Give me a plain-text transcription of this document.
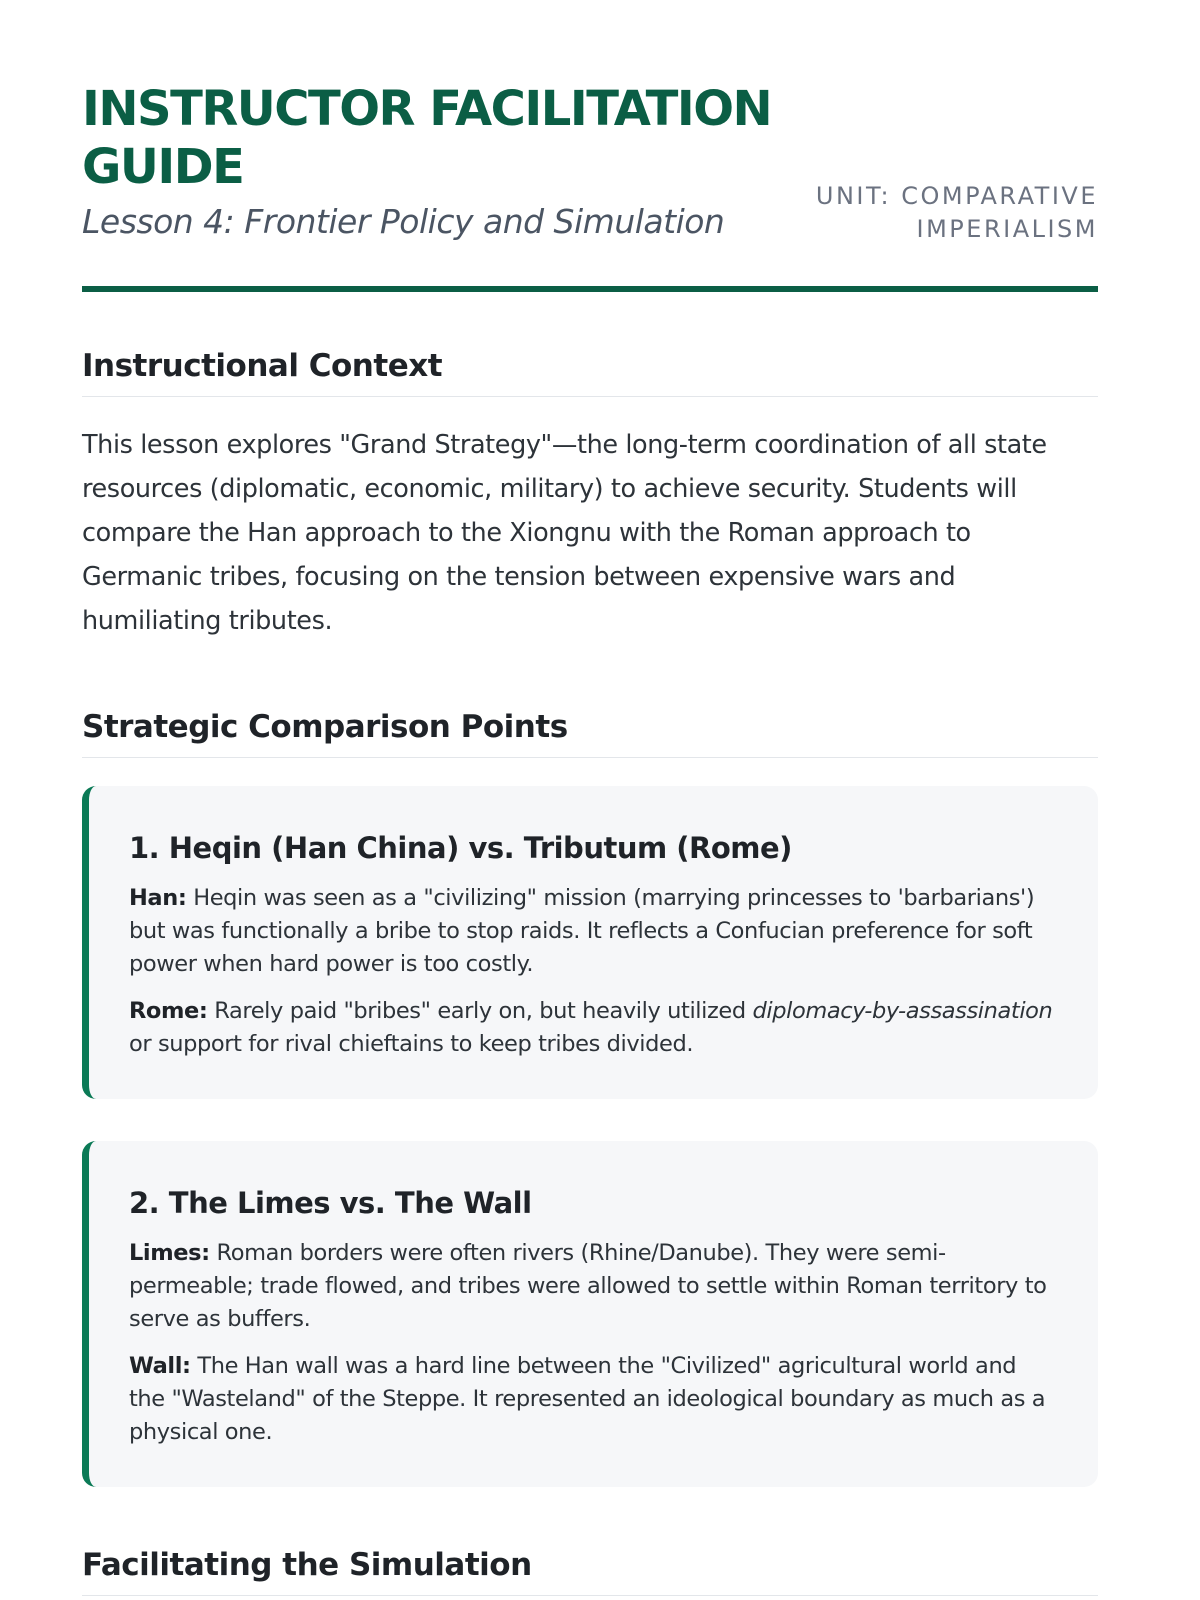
INSTRUCTOR FACILITATION GUIDE

Lesson 4: Frontier Policy and Simulation

UNIT: COMPARATIVE IMPERIALISM
Instructional Context

This lesson explores "Grand Strategy"—the long-term coordination of all state resources (diplomatic, economic, military) to achieve security. Students will compare the Han approach to the Xiongnu with the Roman approach to Germanic tribes, focusing on the tension between expensive wars and humiliating tributes.

Strategic Comparison Points
1. Heqin (Han China) vs. Tributum (Rome)

Han: Heqin was seen as a "civilizing" mission (marrying princesses to 'barbarians') but was functionally a bribe to stop raids. It reflects a Confucian preference for soft power when hard power is too costly.

Rome: Rarely paid "bribes" early on, but heavily utilized diplomacy-by-assassination or support for rival chieftains to keep tribes divided.

2. The Limes vs. The Wall

Limes: Roman borders were often rivers (Rhine/Danube). They were semi-permeable; trade flowed, and tribes were allowed to settle within Roman territory to serve as buffers.

Wall: The Han wall was a hard line between the "Civilized" agricultural world and the "Wasteland" of the Steppe. It represented an ideological boundary as much as a physical one.

Facilitating the Simulation
